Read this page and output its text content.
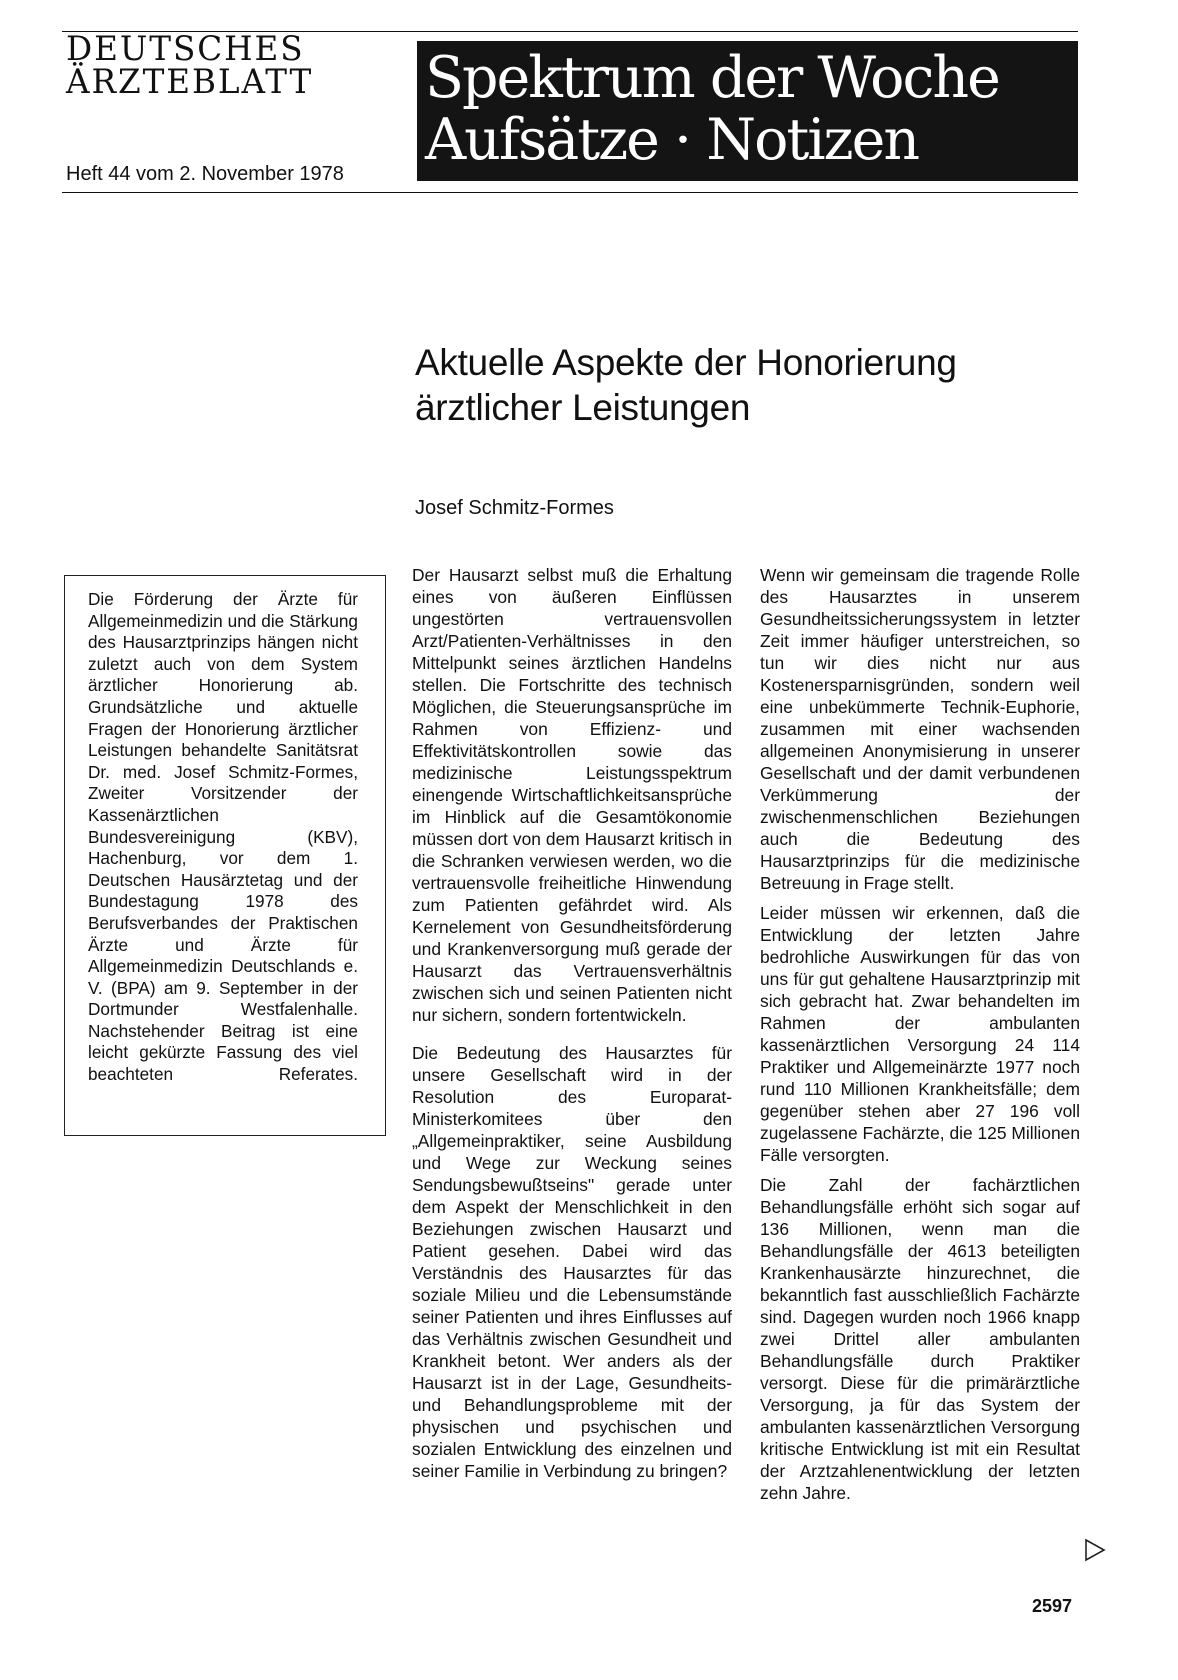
DEUTSCHES
ÄRZTEBLATT
Heft 44 vom 2. November 1978
Spektrum der Woche
Aufsätze · Notizen
Aktuelle Aspekte der Honorierung
ärztlicher Leistungen
Josef Schmitz-Formes
Die Förderung der Ärzte für Allgemeinmedizin und die Stärkung des Hausarztprinzips hängen nicht zuletzt auch von dem System ärztlicher Honorierung ab. Grundsätzliche und aktuelle Fragen der Honorierung ärztlicher Leistungen behandelte Sanitätsrat Dr. med. Josef Schmitz-Formes, Zweiter Vorsitzender der Kassenärztlichen Bundesvereinigung (KBV), Hachenburg, vor dem 1. Deutschen Hausärztetag und der Bundestagung 1978 des Berufsverbandes der Praktischen Ärzte und Ärzte für Allgemeinmedizin Deutschlands e. V. (BPA) am 9. September in der Dortmunder Westfalenhalle. Nachstehender Beitrag ist eine leicht gekürzte Fassung des viel beachteten Referates.

Der Hausarzt selbst muß die Erhaltung eines von äußeren Einflüssen ungestörten vertrauensvollen Arzt/Patienten-Verhältnisses in den Mittelpunkt seines ärztlichen Handelns stellen. Die Fortschritte des technisch Möglichen, die Steuerungsansprüche im Rahmen von Effizienz- und Effektivitätskontrollen sowie das medizinische Leistungsspektrum einengende Wirtschaftlichkeitsansprüche im Hinblick auf die Gesamtökonomie müssen dort von dem Hausarzt kritisch in die Schranken verwiesen werden, wo die vertrauensvolle freiheitliche Hinwendung zum Patienten gefährdet wird. Als Kernelement von Gesundheitsförderung und Krankenversorgung muß gerade der Hausarzt das Vertrauensverhältnis zwischen sich und seinen Patienten nicht nur sichern, sondern fortentwickeln.

Die Bedeutung des Hausarztes für unsere Gesellschaft wird in der Resolution des Europarat-Ministerkomitees über den „Allgemeinpraktiker, seine Ausbildung und Wege zur Weckung seines Sendungsbewußtseins" gerade unter dem Aspekt der Menschlichkeit in den Beziehungen zwischen Hausarzt und Patient gesehen. Dabei wird das Verständnis des Hausarztes für das soziale Milieu und die Lebensumstände seiner Patienten und ihres Einflusses auf das Verhältnis zwischen Gesundheit und Krankheit betont. Wer anders als der Hausarzt ist in der Lage, Gesundheits- und Behandlungsprobleme mit der physischen und psychischen und sozialen Entwicklung des einzelnen und seiner Familie in Verbindung zu bringen?

Wenn wir gemeinsam die tragende Rolle des Hausarztes in unserem Gesundheitssicherungssystem in letzter Zeit immer häufiger unterstreichen, so tun wir dies nicht nur aus Kostenersparnisgründen, sondern weil eine unbekümmerte Technik-Euphorie, zusammen mit einer wachsenden allgemeinen Anonymisierung in unserer Gesellschaft und der damit verbundenen Verkümmerung der zwischenmenschlichen Beziehungen auch die Bedeutung des Hausarztprinzips für die medizinische Betreuung in Frage stellt.

Leider müssen wir erkennen, daß die Entwicklung der letzten Jahre bedrohliche Auswirkungen für das von uns für gut gehaltene Hausarztprinzip mit sich gebracht hat. Zwar behandelten im Rahmen der ambulanten kassenärztlichen Versorgung 24 114 Praktiker und Allgemeinärzte 1977 noch rund 110 Millionen Krankheitsfälle; dem gegenüber stehen aber 27 196 voll zugelassene Fachärzte, die 125 Millionen Fälle versorgten.

Die Zahl der fachärztlichen Behandlungsfälle erhöht sich sogar auf 136 Millionen, wenn man die Behandlungsfälle der 4613 beteiligten Krankenhausärzte hinzurechnet, die bekanntlich fast ausschließlich Fachärzte sind. Dagegen wurden noch 1966 knapp zwei Drittel aller ambulanten Behandlungsfälle durch Praktiker versorgt. Diese für die primärärztliche Versorgung, ja für das System der ambulanten kassenärztlichen Versorgung kritische Entwicklung ist mit ein Resultat der Arztzahlenentwicklung der letzten zehn Jahre.

2597
